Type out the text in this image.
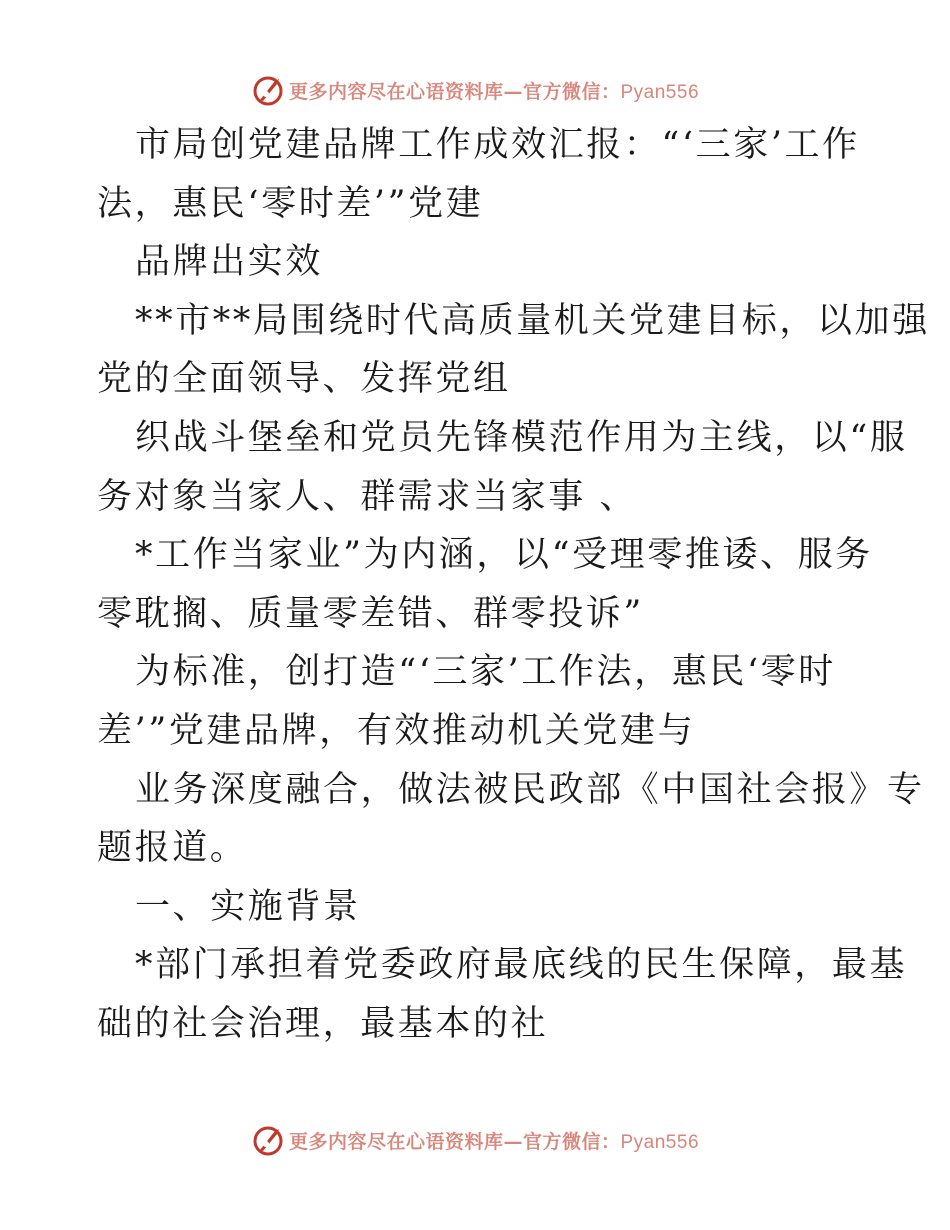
更多内容尽在心语资料库—官方微信：Pyan556
市局创党建品牌工作成效汇报：“‘三家’工作
法，惠民‘零时差’”党建
品牌出实效
**市**局围绕时代高质量机关党建目标，以加强
党的全面领导、发挥党组
织战斗堡垒和党员先锋模范作用为主线，以“服
务对象当家人、群需求当家事 、
*工作当家业”为内涵，以“受理零推诿、服务
零耽搁、质量零差错、群零投诉”
为标准，创打造“‘三家’工作法，惠民‘零时
差’”党建品牌，有效推动机关党建与
业务深度融合，做法被民政部《中国社会报》专
题报道。
一、实施背景
*部门承担着党委政府最底线的民生保障，最基
础的社会治理，最基本的社
更多内容尽在心语资料库—官方微信：Pyan556
